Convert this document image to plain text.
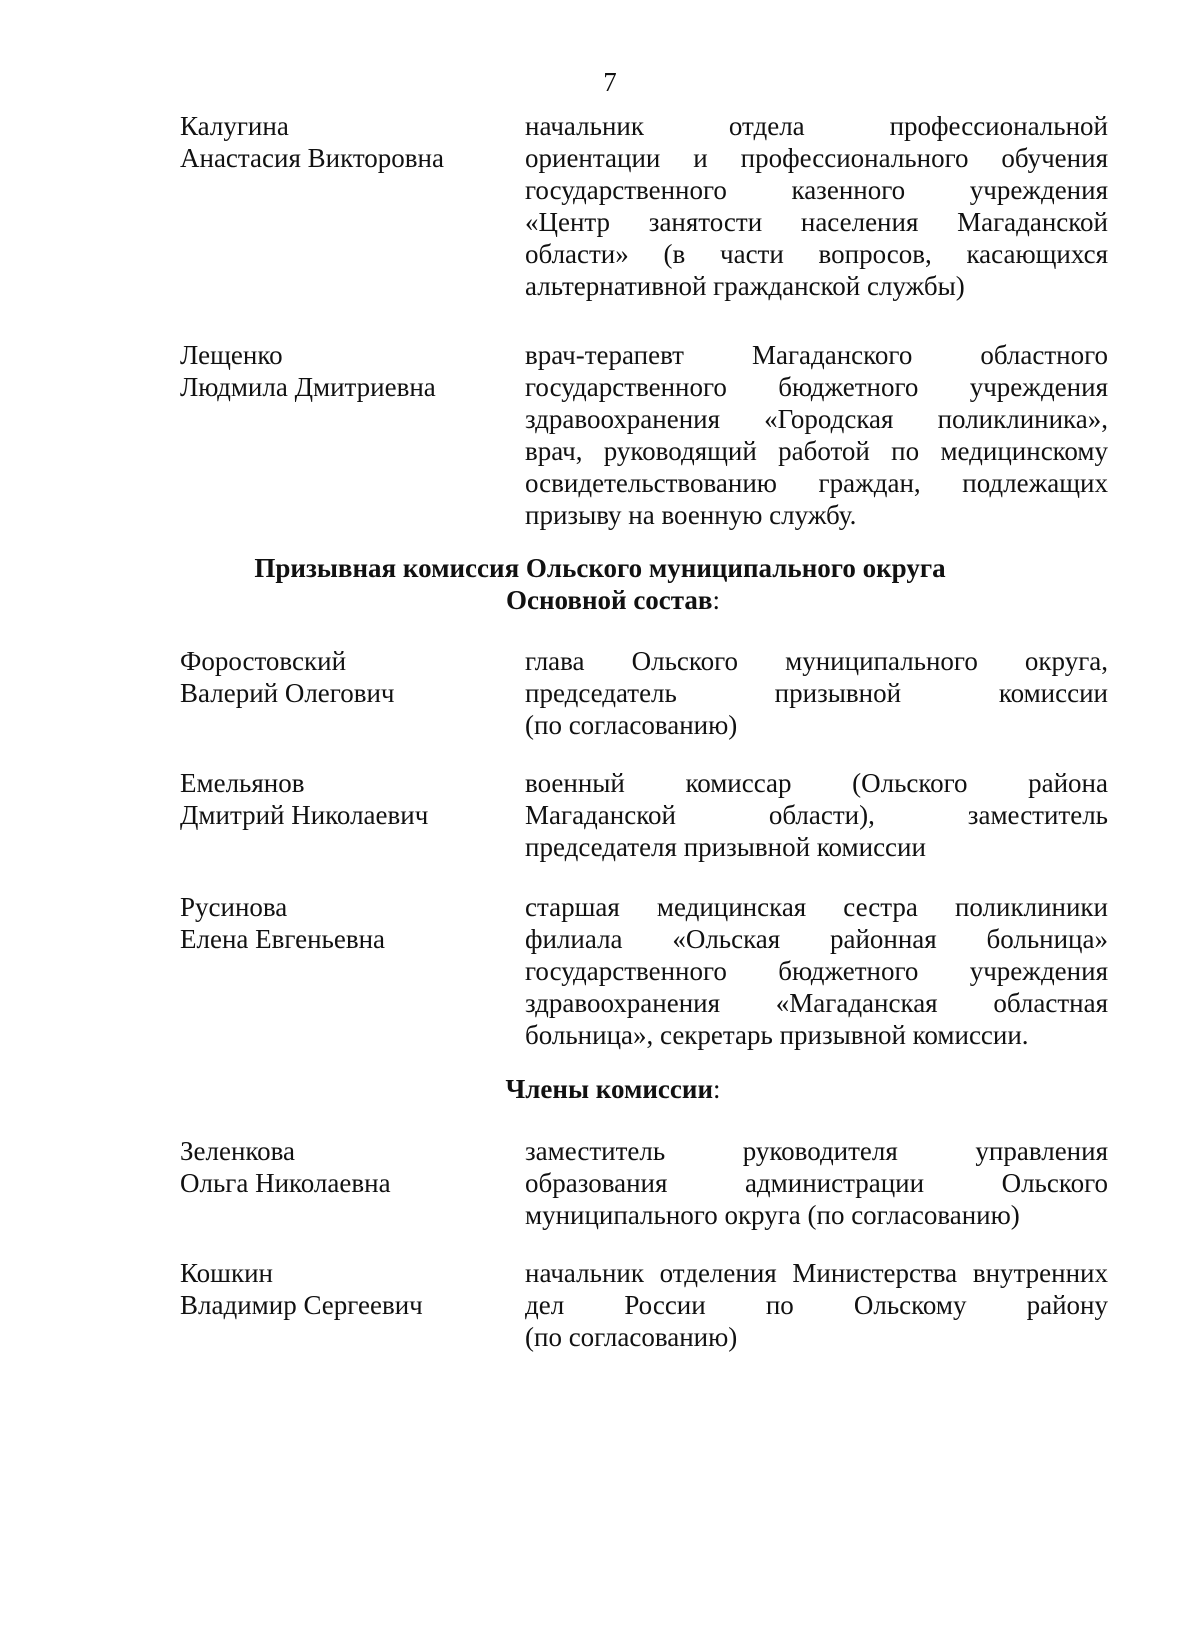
7
Калугина
Анастасия Викторовна
начальник отдела профессиональной
ориентации и профессионального обучения
государственного казенного учреждения
«Центр занятости населения Магаданской
области» (в части вопросов, касающихся
альтернативной гражданской службы)
Лещенко
Людмила Дмитриевна
врач-терапевт Магаданского областного
государственного бюджетного учреждения
здравоохранения «Городская поликлиника»,
врач, руководящий работой по медицинскому
освидетельствованию граждан, подлежащих
призыву на военную службу.
Призывная комиссия Ольского муниципального округа
Основной состав:
Форостовский
Валерий Олегович
глава Ольского муниципального округа,
председатель призывной комиссии
(по согласованию)
Емельянов
Дмитрий Николаевич
военный комиссар (Ольского района
Магаданской области), заместитель
председателя призывной комиссии
Русинова
Елена Евгеньевна
старшая медицинская сестра поликлиники
филиала «Ольская районная больница»
государственного бюджетного учреждения
здравоохранения «Магаданская областная
больница», секретарь призывной комиссии.
Члены комиссии:
Зеленкова
Ольга Николаевна
заместитель руководителя управления
образования администрации Ольского
муниципального округа (по согласованию)
Кошкин
Владимир Сергеевич
начальник отделения Министерства внутренних
дел России по Ольскому району
(по согласованию)
